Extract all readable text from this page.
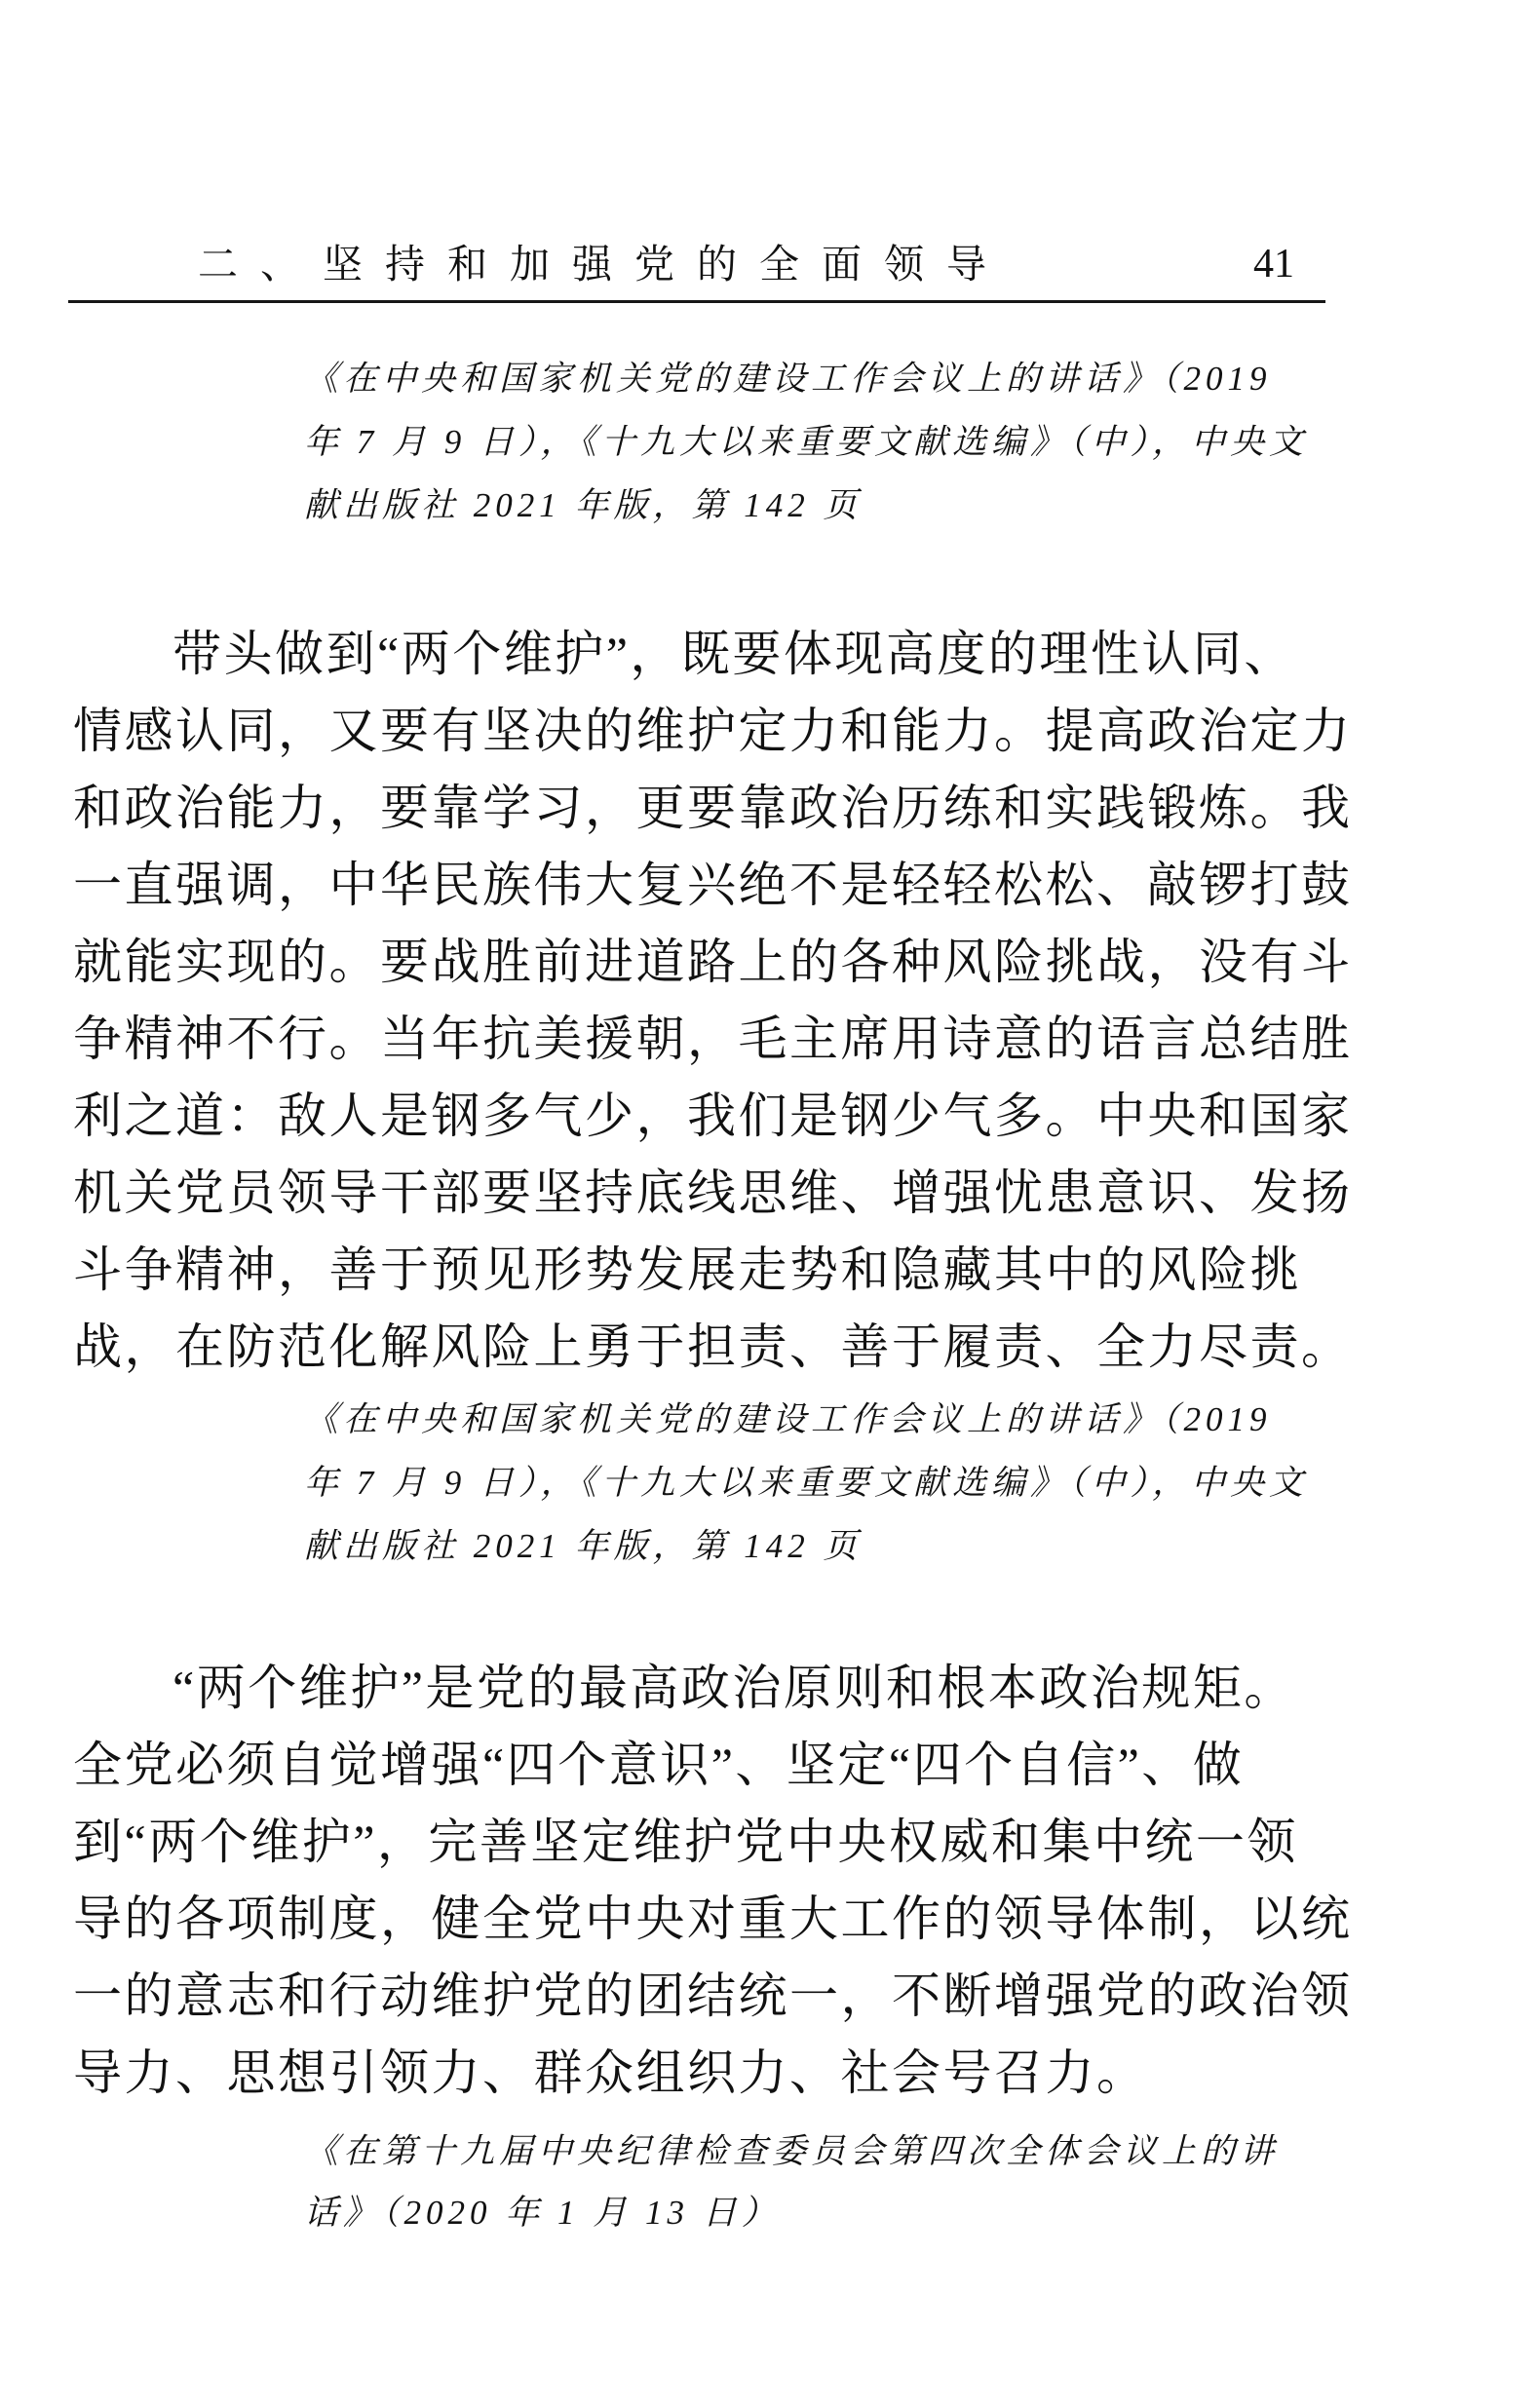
二、坚持和加强党的全面领导	41
《在中央和国家机关党的建设工作会议上的讲话》（2019
年 7 月 9 日），《十九大以来重要文献选编》（中），中央文
献出版社 2021 年版，第 142 页
带头做到“两个维护”，既要体现高度的理性认同、
情感认同，又要有坚决的维护定力和能力。提高政治定力
和政治能力，要靠学习，更要靠政治历练和实践锻炼。我
一直强调，中华民族伟大复兴绝不是轻轻松松、敲锣打鼓
就能实现的。要战胜前进道路上的各种风险挑战，没有斗
争精神不行。当年抗美援朝，毛主席用诗意的语言总结胜
利之道：敌人是钢多气少，我们是钢少气多。中央和国家
机关党员领导干部要坚持底线思维、增强忧患意识、发扬
斗争精神，善于预见形势发展走势和隐藏其中的风险挑
战，在防范化解风险上勇于担责、善于履责、全力尽责。
《在中央和国家机关党的建设工作会议上的讲话》（2019
年 7 月 9 日），《十九大以来重要文献选编》（中），中央文
献出版社 2021 年版，第 142 页
“两个维护”是党的最高政治原则和根本政治规矩。
全党必须自觉增强“四个意识”、坚定“四个自信”、做
到“两个维护”，完善坚定维护党中央权威和集中统一领
导的各项制度，健全党中央对重大工作的领导体制，以统
一的意志和行动维护党的团结统一，不断增强党的政治领
导力、思想引领力、群众组织力、社会号召力。
《在第十九届中央纪律检查委员会第四次全体会议上的讲
话》（2020 年 1 月 13 日）
